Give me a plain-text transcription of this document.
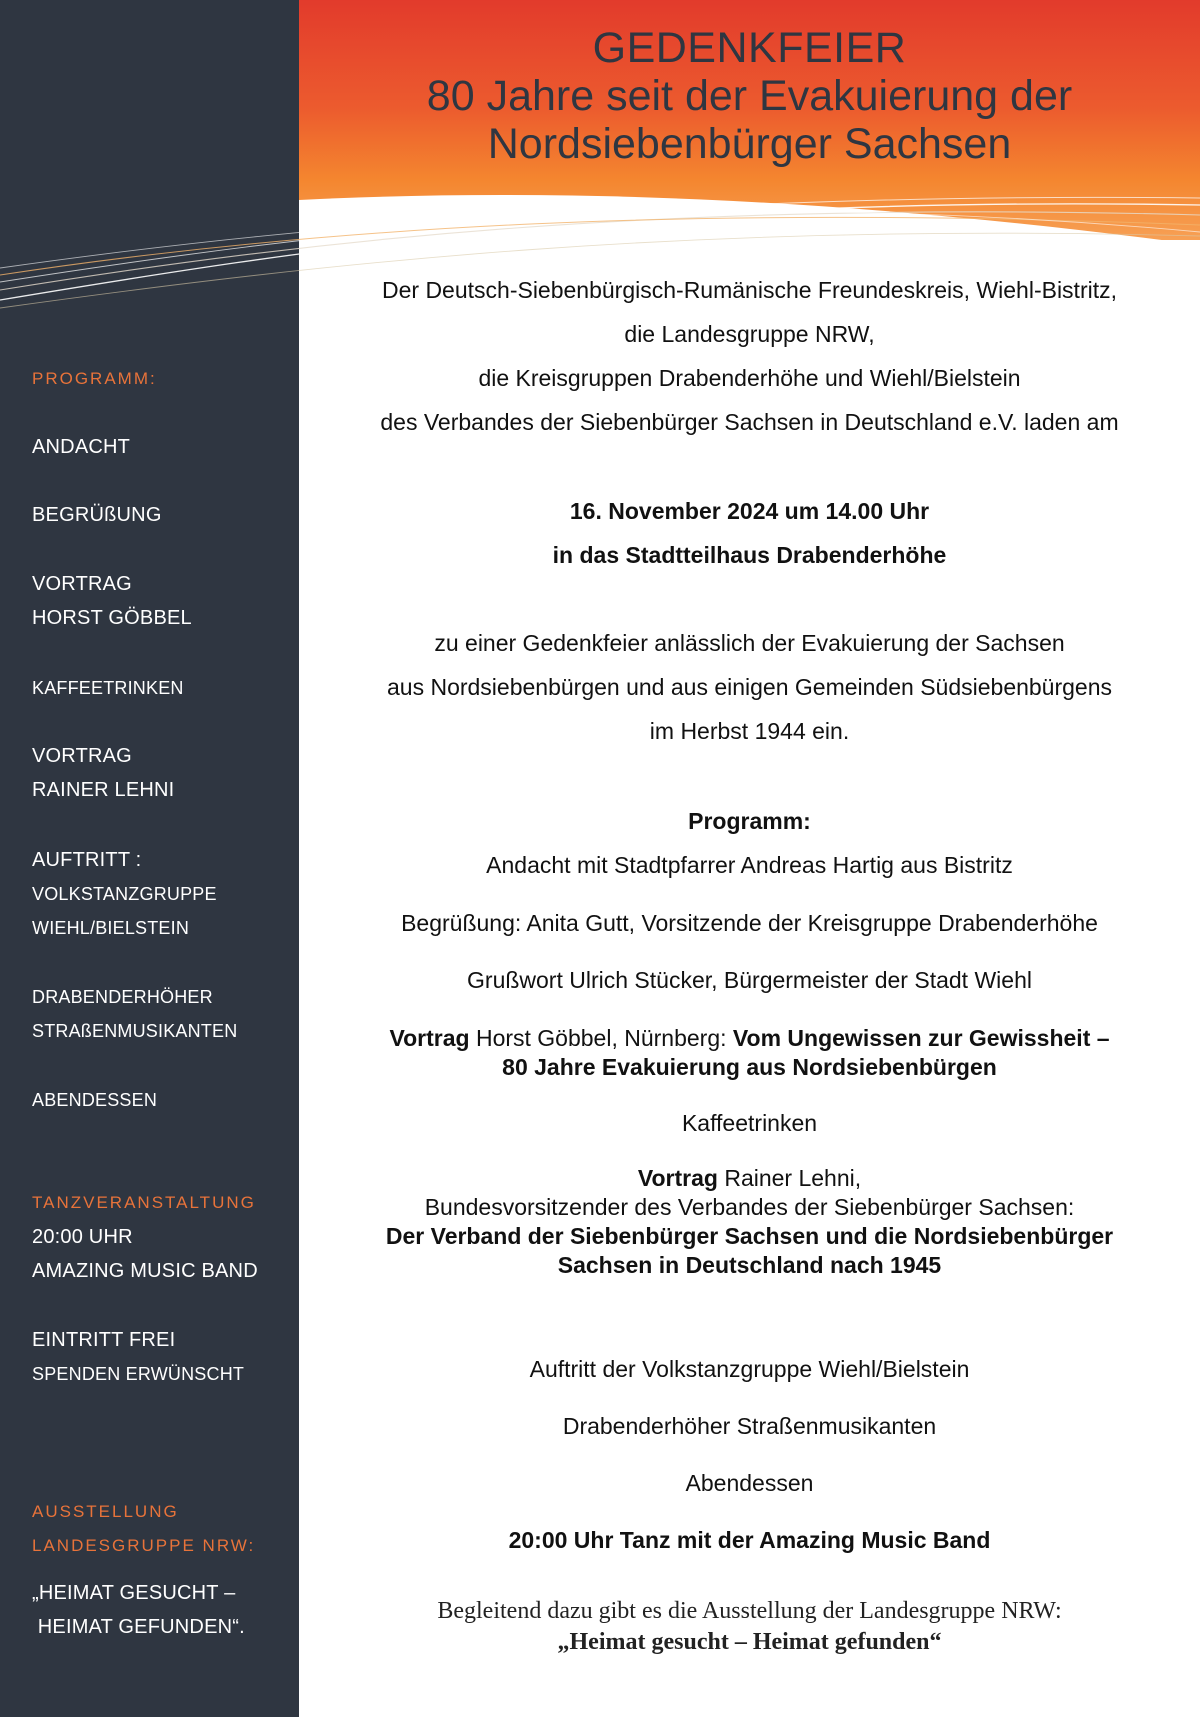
GEDENKFEIER
80 Jahre seit der Evakuierung der
Nordsiebenbürger Sachsen
PROGRAMM:
ANDACHT
BEGRÜßUNG
VORTRAG
HORST GÖBBEL
KAFFEETRINKEN
VORTRAG
RAINER LEHNI
AUFTRITT :
VOLKSTANZGRUPPE
WIEHL/BIELSTEIN
DRABENDERHÖHER
STRAßENMUSIKANTEN
ABENDESSEN
TANZVERANSTALTUNG
20:00 UHR
AMAZING MUSIC BAND
EINTRITT FREI
SPENDEN ERWÜNSCHT
AUSSTELLUNG
LANDESGRUPPE NRW:
„HEIMAT GESUCHT –
HEIMAT GEFUNDEN“.
Der Deutsch-Siebenbürgisch-Rumänische Freundeskreis, Wiehl-Bistritz,
die Landesgruppe NRW,
die Kreisgruppen Drabenderhöhe und Wiehl/Bielstein
des Verbandes der Siebenbürger Sachsen in Deutschland e.V. laden am
16. November 2024 um 14.00 Uhr
in das Stadtteilhaus Drabenderhöhe
zu einer Gedenkfeier anlässlich der Evakuierung der Sachsen
aus Nordsiebenbürgen und aus einigen Gemeinden Südsiebenbürgens
im Herbst 1944 ein.
Programm:
Andacht mit Stadtpfarrer Andreas Hartig aus Bistritz
Begrüßung: Anita Gutt, Vorsitzende der Kreisgruppe Drabenderhöhe
Grußwort Ulrich Stücker, Bürgermeister der Stadt Wiehl
Vortrag Horst Göbbel, Nürnberg: Vom Ungewissen zur Gewissheit –
80 Jahre Evakuierung aus Nordsiebenbürgen
Kaffeetrinken
Vortrag Rainer Lehni,
Bundesvorsitzender des Verbandes der Siebenbürger Sachsen:
Der Verband der Siebenbürger Sachsen und die Nordsiebenbürger
Sachsen in Deutschland nach 1945
Auftritt der Volkstanzgruppe Wiehl/Bielstein
Drabenderhöher Straßenmusikanten
Abendessen
20:00 Uhr Tanz mit der Amazing Music Band
Begleitend dazu gibt es die Ausstellung der Landesgruppe NRW:
„Heimat gesucht – Heimat gefunden“
